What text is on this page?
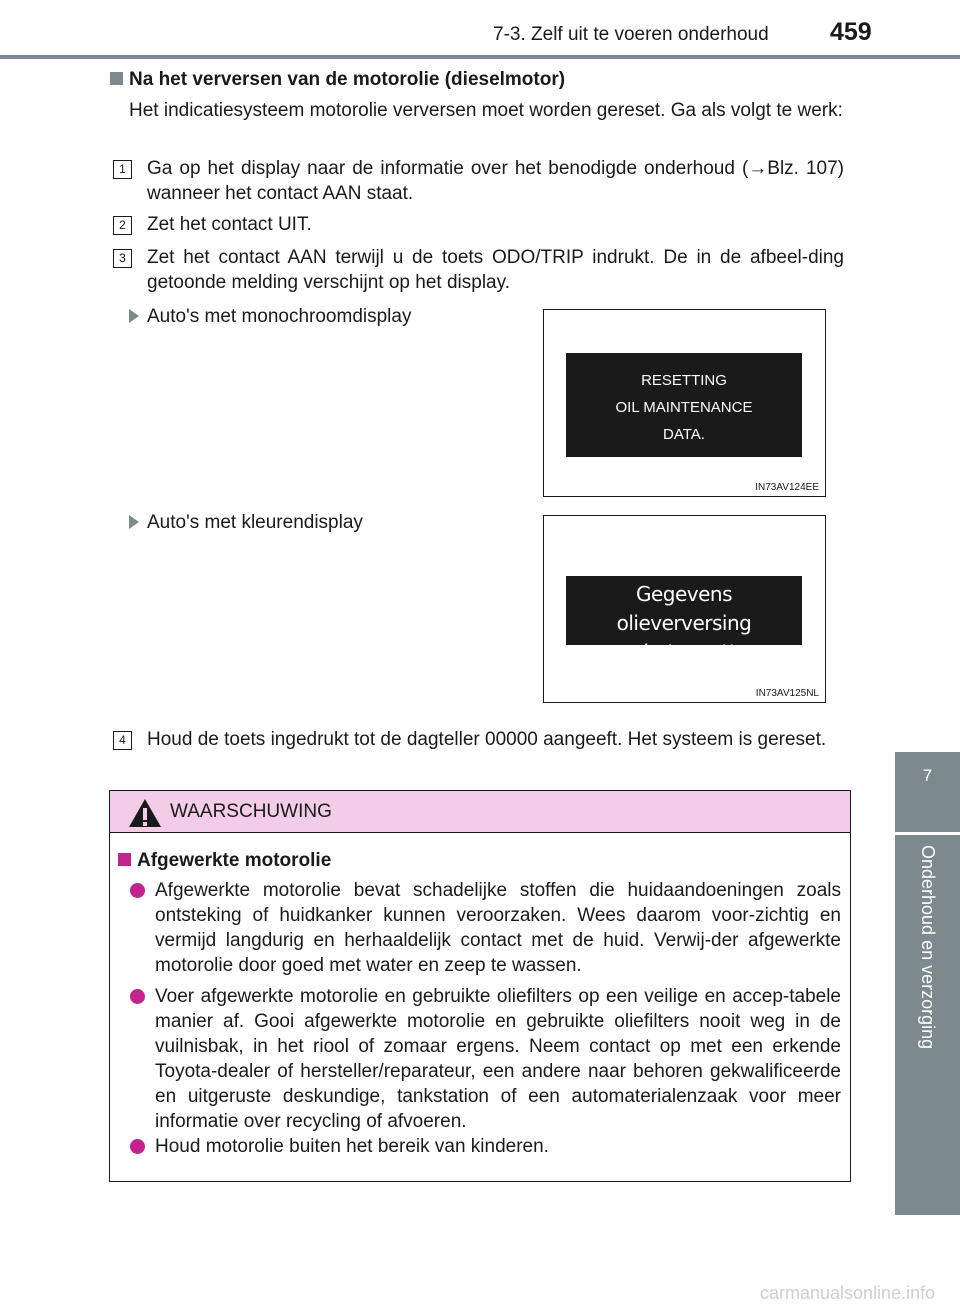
7-3. Zelf uit te voeren onderhoud 459
7
Onderhoud en verzorging
Na het verversen van de motorolie (dieselmotor)
Het indicatiesysteem motorolie verversen moet worden gereset. Ga als volgt te werk:
1	Ga op het display naar de informatie over het benodigde onderhoud (→Blz. 107) wanneer het contact AAN staat.
2	Zet het contact UIT.
3	Zet het contact AAN terwijl u de toets ODO/TRIP indrukt. De in de afbeel-ding getoonde melding verschijnt op het display.
Auto's met monochroomdisplay
RESETTING
OIL MAINTENANCE
DATA.
IN73AV124EE
Auto's met kleurendisplay
Gegevens olieverversing
aan het resetten.
IN73AV125NL
4	Houd de toets ingedrukt tot de dagteller 00000 aangeeft. Het systeem is gereset.
WAARSCHUWING
Afgewerkte motorolie
Afgewerkte motorolie bevat schadelijke stoffen die huidaandoeningen zoals ontsteking of huidkanker kunnen veroorzaken. Wees daarom voor-zichtig en vermijd langdurig en herhaaldelijk contact met de huid. Verwij-der afgewerkte motorolie door goed met water en zeep te wassen.
Voer afgewerkte motorolie en gebruikte oliefilters op een veilige en accep-tabele manier af. Gooi afgewerkte motorolie en gebruikte oliefilters nooit weg in de vuilnisbak, in het riool of zomaar ergens. Neem contact op met een erkende Toyota-dealer of hersteller/reparateur, een andere naar behoren gekwalificeerde en uitgeruste deskundige, tankstation of een automaterialenzaak voor meer informatie over recycling of afvoeren.
Houd motorolie buiten het bereik van kinderen.
carmanualsonline.info
